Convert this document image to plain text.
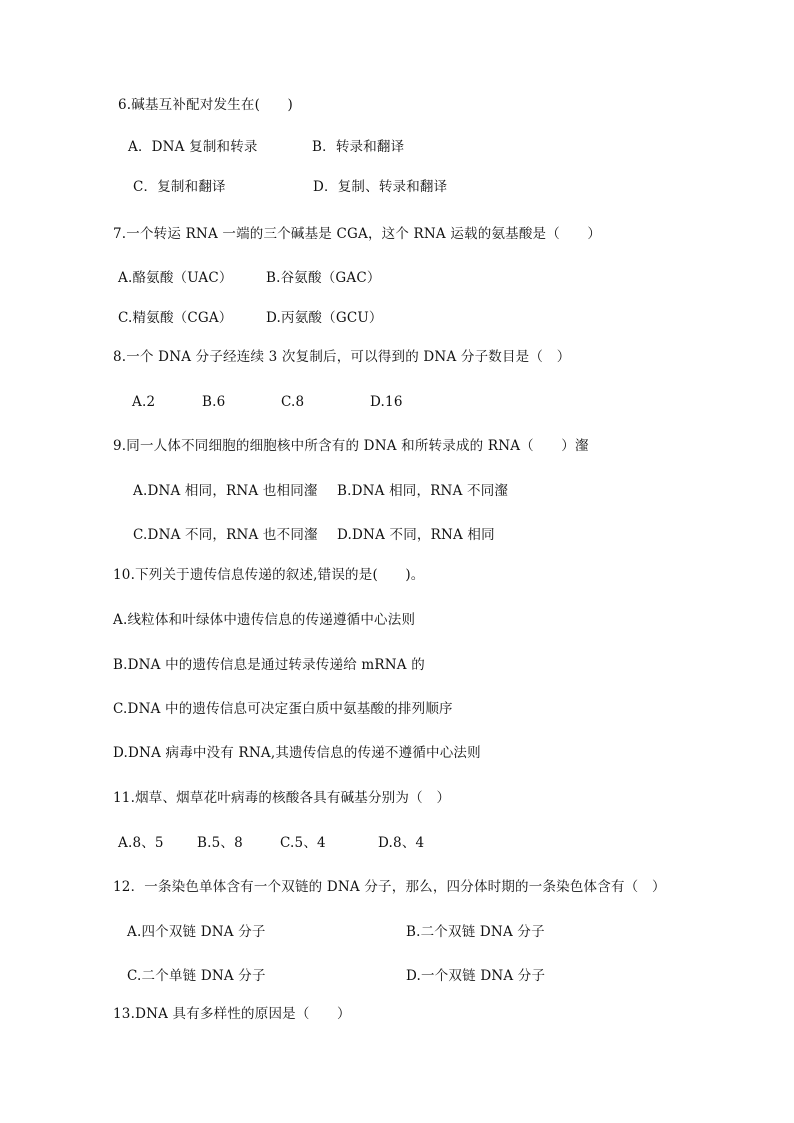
6.碱基互补配对发生在(　　)
A．DNA 复制和转录	B．转录和翻译
C．复制和翻译	D．复制、转录和翻译
7.一个转运 RNA 一端的三个碱基是 CGA，这个 RNA 运载的氨基酸是（　　）
A.酪氨酸（UAC） B.谷氨酸（GAC）
C.精氨酸（CGA） D.丙氨酸（GCU）
8.一个 DNA 分子经连续 3 次复制后，可以得到的 DNA 分子数目是（　）
A.2	B.6	C.8	D.16
9.同一人体不同细胞的细胞核中所含有的 DNA 和所转录成的 RNA（　　）瀣
A.DNA 相同，RNA 也相同瀣 B.DNA 相同，RNA 不同瀣
C.DNA 不同，RNA 也不同瀣 D.DNA 不同，RNA 相同
10.下列关于遗传信息传递的叙述,错误的是(　　)。
A.线粒体和叶绿体中遗传信息的传递遵循中心法则
B.DNA 中的遗传信息是通过转录传递给 mRNA 的
C.DNA 中的遗传信息可决定蛋白质中氨基酸的排列顺序
D.DNA 病毒中没有 RNA,其遗传信息的传递不遵循中心法则
11.烟草、烟草花叶病毒的核酸各具有碱基分别为（　）
A.8、5 B.5、8	C.5、4	D.8、4
12．一条染色单体含有一个双链的 DNA 分子，那么，四分体时期的一条染色体含有（　）
A.四个双链 DNA 分子	B.二个双链 DNA 分子
C.二个单链 DNA 分子	D.一个双链 DNA 分子
13.DNA 具有多样性的原因是（　　）
